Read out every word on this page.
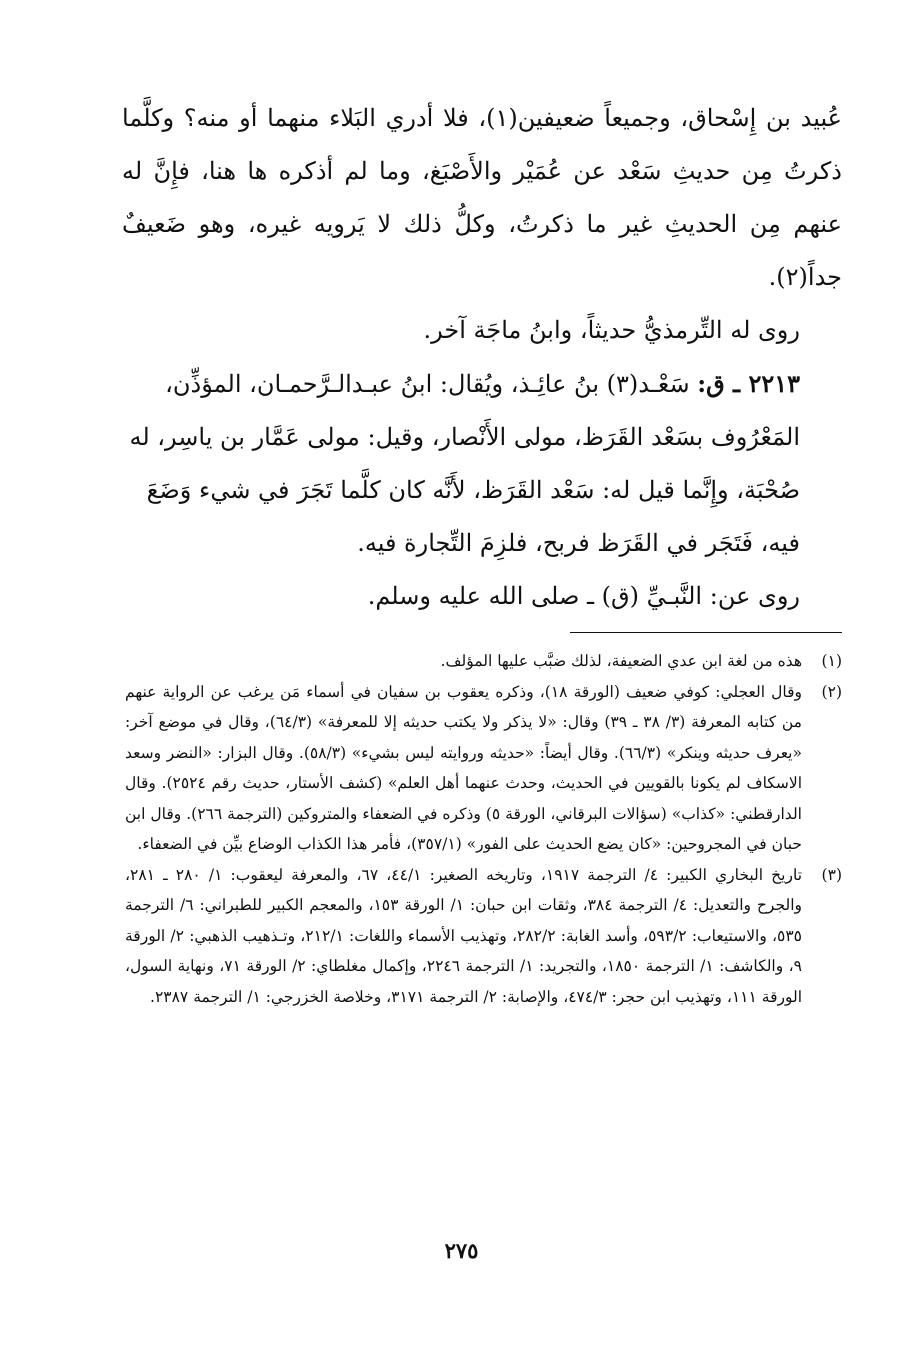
عُبيد بن إِسْحاق، وجميعاً ضعيفين(١)، فلا أدري البَلاء منهما أو منه؟ وكلَّما ذكرتُ مِن حديثِ سَعْد عن عُمَيْر والأَصْبَغ، وما لم أذكره ها هنا، فإِنَّ له عنهم مِن الحديثِ غير ما ذكرتُ، وكلُّ ذلك لا يَرويه غيره، وهو ضَعيفٌ جداً(٢).

روى له التِّرمذيُّ حديثاً، وابنُ ماجَة آخر.

٢٢١٣ ـ ق: سَعْـد(٣) بنُ عائِـذ، ويُقال: ابنُ عبـدالـرَّحمـان، المؤذِّن، المَعْرُوف بسَعْد القَرَظ، مولى الأَنْصار، وقيل: مولى عَمَّار بن ياسِر، له صُحْبَة، وإِنَّما قيل له: سَعْد القَرَظ، لأَنَّه كان كلَّما تَجَرَ في شيء وَضَعَ فيه، فَتَجَر في القَرَظ فربح، فلزِمَ التِّجارة فيه.

روى عن: النَّبـيِّ (ق) ـ صلى الله عليه وسلم.

(١)
هذه من لغة ابن عدي الضعيفة، لذلك ضبَّب عليها المؤلف.
(٢)
وقال العجلي: كوفي ضعيف (الورقة ١٨)، وذكره يعقوب بن سفيان في أسماء مَن يرغب عن الرواية عنهم من كتابه المعرفة (٣/ ٣٨ ـ ٣٩) وقال: «لا يذكر ولا يكتب حديثه إلا للمعرفة» (٦٤/٣)، وقال في موضع آخر: «يعرف حديثه وينكر» (٦٦/٣). وقال أيضاً: «حديثه وروايته ليس بشيء» (٥٨/٣). وقال البزار: «النضر وسعد الاسكاف لم يكونا بالقويين في الحديث، وحدث عنهما أهل العلم» (كشف الأستار، حديث رقم ٢٥٢٤). وقال الدارقطني: «كذاب» (سؤالات البرقاني، الورقة ٥) وذكره في الضعفاء والمتروكين (الترجمة ٢٦٦). وقال ابن حبان في المجروحين: «كان يضع الحديث على الفور» (٣٥٧/١)، فأمر هذا الكذاب الوضاع بيِّن في الضعفاء.
(٣)
تاريخ البخاري الكبير: ٤/ الترجمة ١٩١٧، وتاريخه الصغير: ٤٤/١، ٦٧، والمعرفة ليعقوب: ١/ ٢٨٠ ـ ٢٨١، والجرح والتعديل: ٤/ الترجمة ٣٨٤، وثقات ابن حبان: ١/ الورقة ١٥٣، والمعجم الكبير للطبراني: ٦/ الترجمة ٥٣٥، والاستيعاب: ٥٩٣/٢، وأسد الغابة: ٢٨٢/٢، وتهذيب الأسماء واللغات: ٢١٢/١، وتـذهيب الذهبي: ٢/ الورقة ٩، والكاشف: ١/ الترجمة ١٨٥٠، والتجريد: ١/ الترجمة ٢٢٤٦، وإكمال مغلطاي: ٢/ الورقة ٧١، ونهاية السول، الورقة ١١١، وتهذيب ابن حجر: ٤٧٤/٣، والإصابة: ٢/ الترجمة ٣١٧١، وخلاصة الخزرجي: ١/ الترجمة ٢٣٨٧.
٢٧٥
